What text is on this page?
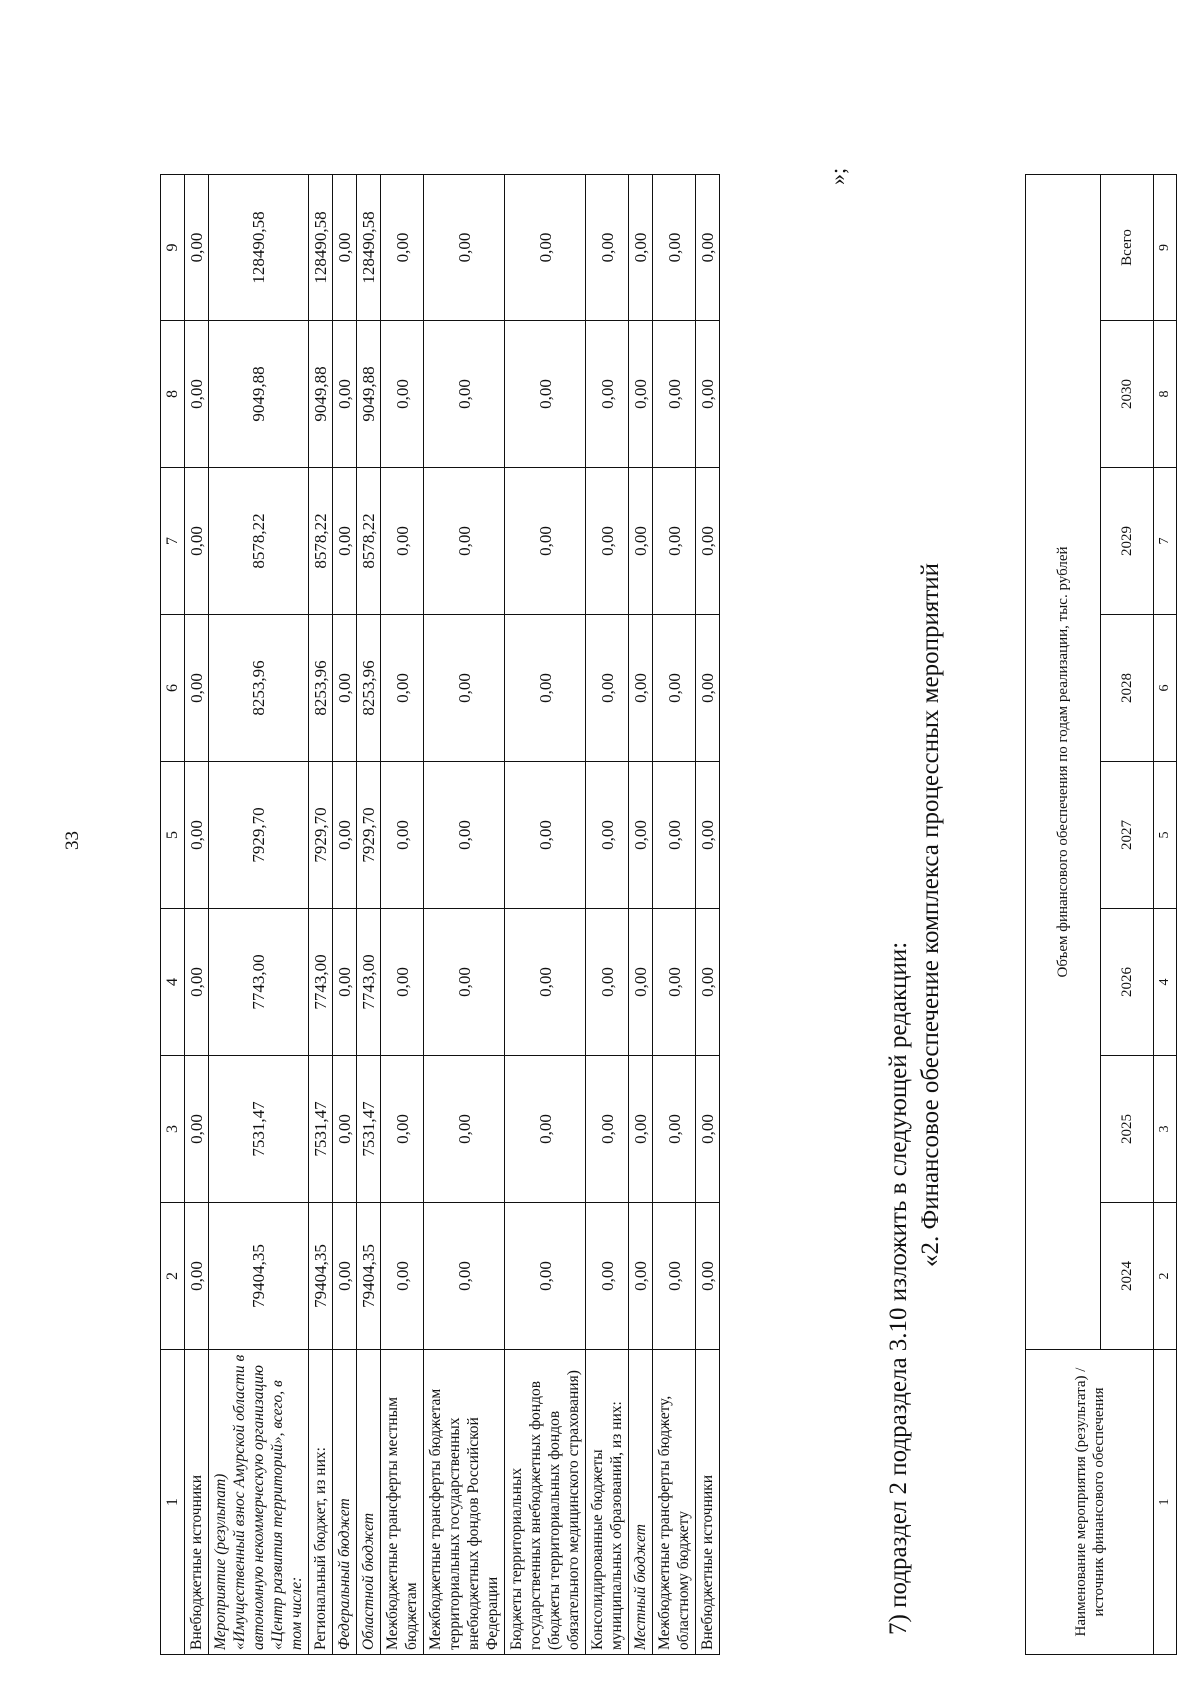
33
1	2	3	4	5	6	7	8	9
Внебюджетные источники	0,00	0,00	0,00	0,00	0,00	0,00	0,00	0,00
Мероприятие (результат) «Имущественный взнос Амурской области в автономную некоммерческую организацию «Центр развития территорий», всего, в том числе:	79404,35	7531,47	7743,00	7929,70	8253,96	8578,22	9049,88	128490,58
Региональный бюджет, из них:	79404,35	7531,47	7743,00	7929,70	8253,96	8578,22	9049,88	128490,58
Федеральный бюджет	0,00	0,00	0,00	0,00	0,00	0,00	0,00	0,00
Областной бюджет	79404,35	7531,47	7743,00	7929,70	8253,96	8578,22	9049,88	128490,58
Межбюджетные трансферты местным бюджетам	0,00	0,00	0,00	0,00	0,00	0,00	0,00	0,00
Межбюджетные трансферты бюджетам территориальных государственных внебюджетных фондов Российской Федерации	0,00	0,00	0,00	0,00	0,00	0,00	0,00	0,00
Бюджеты территориальных государственных внебюджетных фондов (бюджеты территориальных фондов обязательного медицинского страхования)	0,00	0,00	0,00	0,00	0,00	0,00	0,00	0,00
Консолидированные бюджеты муниципальных образований, из них:	0,00	0,00	0,00	0,00	0,00	0,00	0,00	0,00
Местный бюджет	0,00	0,00	0,00	0,00	0,00	0,00	0,00	0,00
Межбюджетные трансферты бюджету, областному бюджету	0,00	0,00	0,00	0,00	0,00	0,00	0,00	0,00
Внебюджетные источники	0,00	0,00	0,00	0,00	0,00	0,00	0,00	0,00
»;

7) подраздел 2 подраздела 3.10 изложить в следующей редакции:

«2. Финансовое обеспечение комплекса процессных мероприятий

Наименование мероприятия (результата) / источник финансового обеспечения	Объем финансового обеспечения по годам реализации, тыс. рублей							
	2024	2025	2026	2027	2028	2029	2030	Всего
1	2	3	4	5	6	7	8	9
